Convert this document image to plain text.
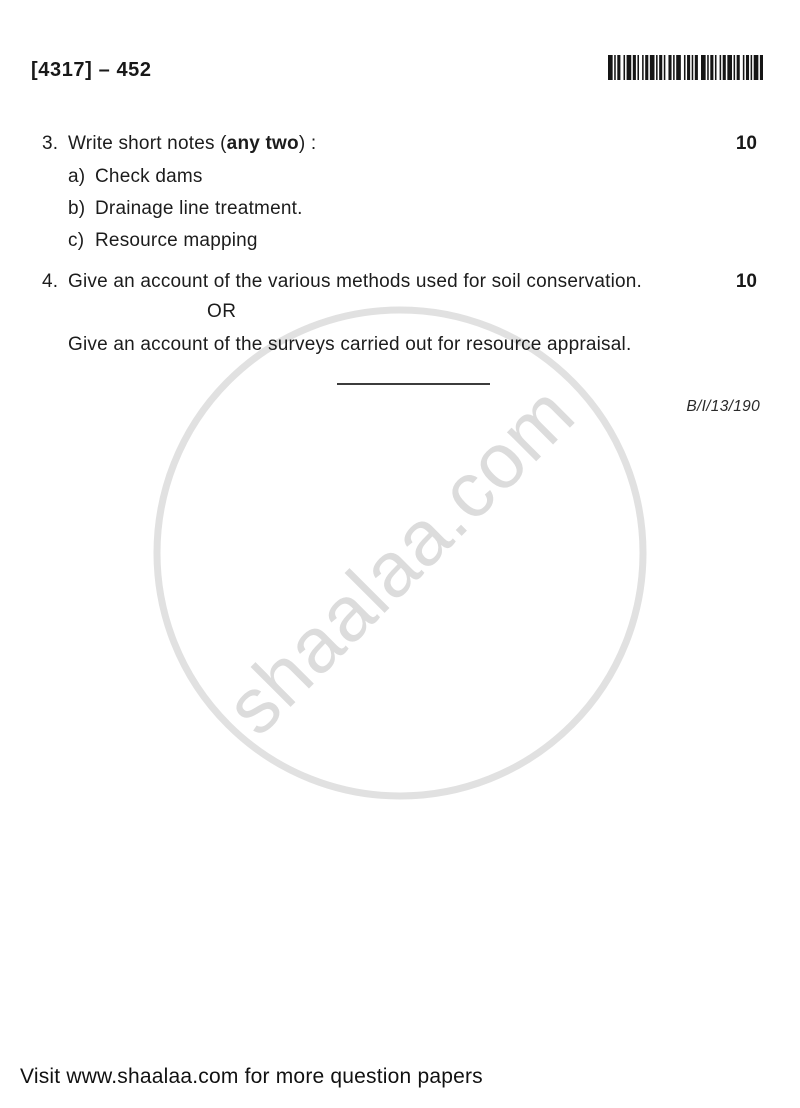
shaalaa.com
[4317] – 452
3. Write short notes (any two) :	10
a) Check dams
b) Drainage line treatment.
c) Resource mapping
4. Give an account of the various methods used for soil conservation.	10
OR
Give an account of the surveys carried out for resource appraisal.
B/I/13/190
Visit www.shaalaa.com for more question papers
